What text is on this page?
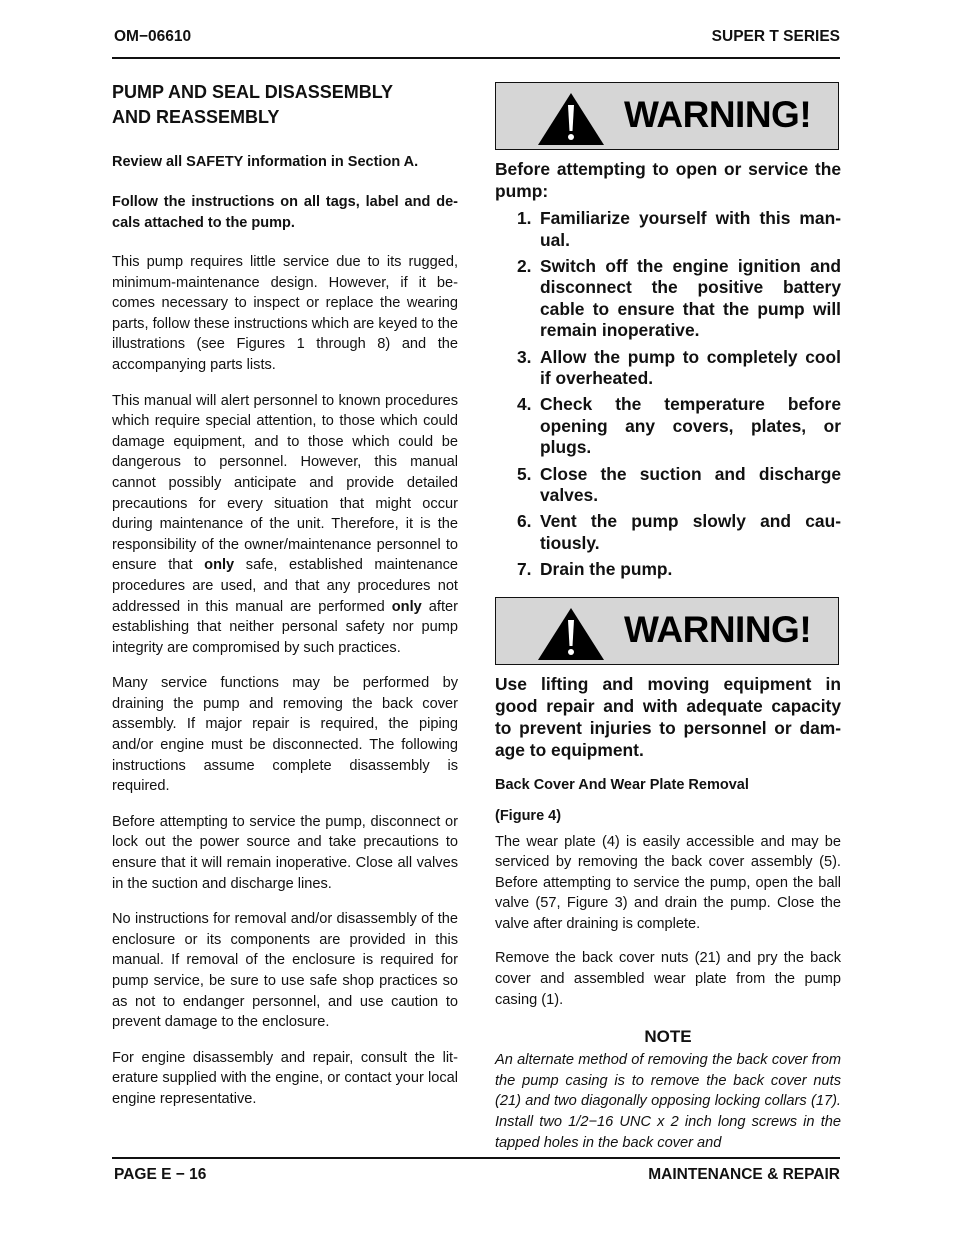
OM−06610	SUPER T SERIES
PUMP AND SEAL DISASSEMBLY
AND REASSEMBLY

Review all SAFETY information in Section A.

Follow the instructions on all tags, label and decals attached to the pump.

This pump requires little service due to its rugged, minimum-maintenance design. However, if it becomes necessary to inspect or replace the wearing parts, follow these instructions which are keyed to the illustrations (see Figures 1 through 8) and the accompanying parts lists.

This manual will alert personnel to known procedures which require special attention, to those which could damage equipment, and to those which could be dangerous to personnel. However, this manual cannot possibly anticipate and provide detailed precautions for every situation that might occur during maintenance of the unit. Therefore, it is the responsibility of the owner/maintenance personnel to ensure that only safe, established maintenance procedures are used, and that any procedures not addressed in this manual are performed only after establishing that neither personal safety nor pump integrity are compromised by such practices.

Many service functions may be performed by draining the pump and removing the back cover assembly. If major repair is required, the piping and/or engine must be disconnected. The following instructions assume complete disassembly is required.

Before attempting to service the pump, disconnect or lock out the power source and take precautions to ensure that it will remain inoperative. Close all valves in the suction and discharge lines.

No instructions for removal and/or disassembly of the enclosure or its components are provided in this manual. If removal of the enclosure is required for pump service, be sure to use safe shop practices so as not to endanger personnel, and use caution to prevent damage to the enclosure.

For engine disassembly and repair, consult the literature supplied with the engine, or contact your local engine representative.

WARNING!

Before attempting to open or service the pump:

1. Familiarize yourself with this manual.
2. Switch off the engine ignition and disconnect the positive battery cable to ensure that the pump will remain inoperative.
3. Allow the pump to completely cool if overheated.
4. Check the temperature before opening any covers, plates, or plugs.
5. Close the suction and discharge valves.
6. Vent the pump slowly and cautiously.
7. Drain the pump.
WARNING!

Use lifting and moving equipment in good repair and with adequate capacity to prevent injuries to personnel or damage to equipment.

Back Cover And Wear Plate Removal
(Figure 4)

The wear plate (4) is easily accessible and may be serviced by removing the back cover assembly (5). Before attempting to service the pump, open the ball valve (57, Figure 3) and drain the pump. Close the valve after draining is complete.

Remove the back cover nuts (21) and pry the back cover and assembled wear plate from the pump casing (1).

NOTE

An alternate method of removing the back cover from the pump casing is to remove the back cover nuts (21) and two diagonally opposing locking collars (17). Install two 1/2−16 UNC x 2 inch long screws in the tapped holes in the back cover and

PAGE E − 16	MAINTENANCE & REPAIR
